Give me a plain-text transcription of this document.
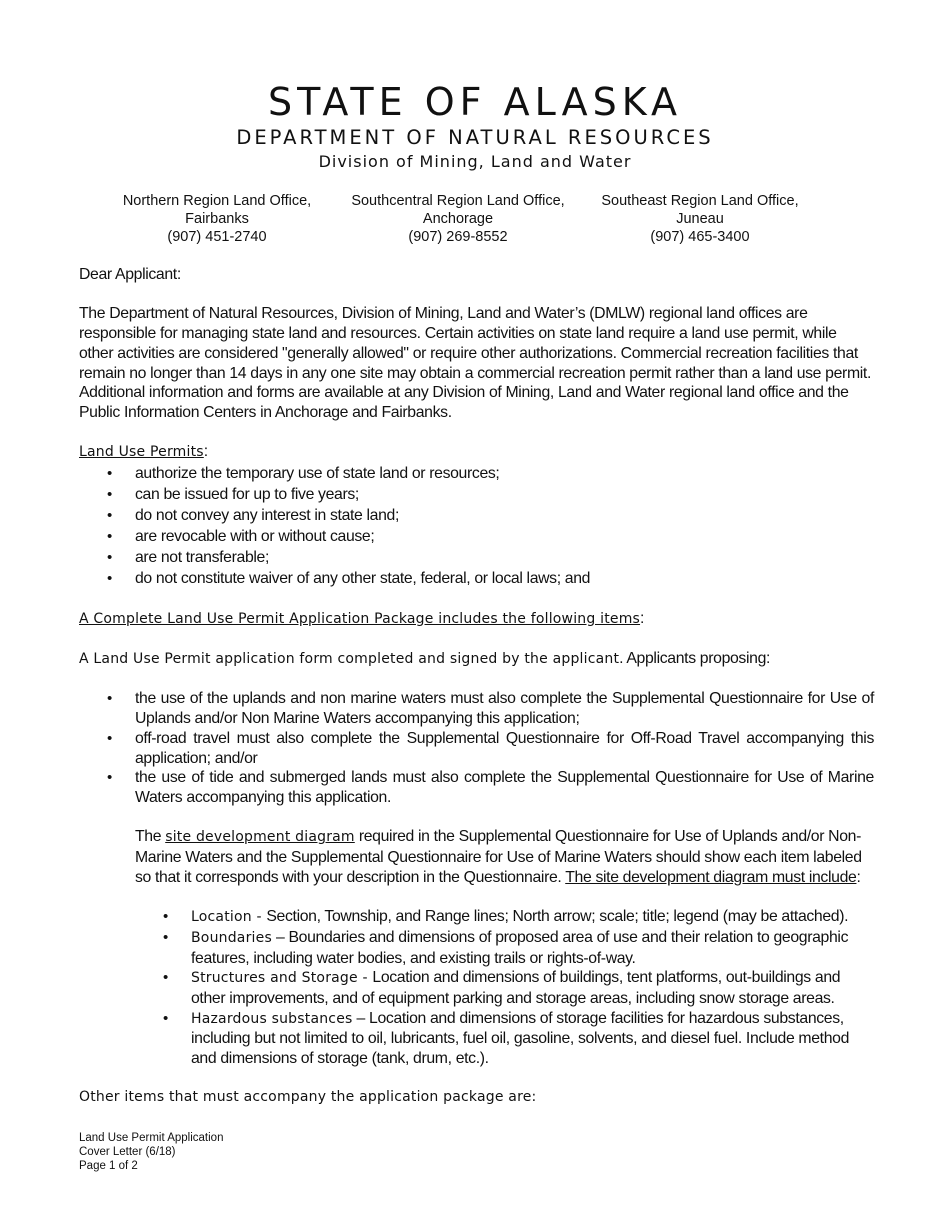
STATE OF ALASKA
DEPARTMENT OF NATURAL RESOURCES
Division of Mining, Land and Water
Northern Region Land Office,
Fairbanks
(907) 451-2740
Southcentral Region Land Office,
Anchorage
(907) 269-8552
Southeast Region Land Office,
Juneau
(907) 465-3400

Dear Applicant:

The Department of Natural Resources, Division of Mining, Land and Water’s (DMLW) regional land offices are responsible for managing state land and resources. Certain activities on state land require a land use permit, while other activities are considered "generally allowed" or require other authorizations. Commercial recreation facilities that remain no longer than 14 days in any one site may obtain a commercial recreation permit rather than a land use permit. Additional information and forms are available at any Division of Mining, Land and Water regional land office and the Public Information Centers in Anchorage and Fairbanks.

Land Use Permits:

• authorize the temporary use of state land or resources;
• can be issued for up to five years;
• do not convey any interest in state land;
• are revocable with or without cause;
• are not transferable;
• do not constitute waiver of any other state, federal, or local laws; and

A Complete Land Use Permit Application Package includes the following items:

A Land Use Permit application form completed and signed by the applicant. Applicants proposing:

• the use of the uplands and non marine waters must also complete the Supplemental Questionnaire for Use of Uplands and/or Non Marine Waters accompanying this application;
• off-road travel must also complete the Supplemental Questionnaire for Off-Road Travel accompanying this application; and/or
• the use of tide and submerged lands must also complete the Supplemental Questionnaire for Use of Marine Waters accompanying this application.

The site development diagram required in the Supplemental Questionnaire for Use of Uplands and/or Non-Marine Waters and the Supplemental Questionnaire for Use of Marine Waters should show each item labeled so that it corresponds with your description in the Questionnaire. The site development diagram must include:

• Location - Section, Township, and Range lines; North arrow; scale; title; legend (may be attached).
• Boundaries – Boundaries and dimensions of proposed area of use and their relation to geographic features, including water bodies, and existing trails or rights-of-way.
• Structures and Storage - Location and dimensions of buildings, tent platforms, out-buildings and other improvements, and of equipment parking and storage areas, including snow storage areas.
• Hazardous substances – Location and dimensions of storage facilities for hazardous substances, including but not limited to oil, lubricants, fuel oil, gasoline, solvents, and diesel fuel. Include method and dimensions of storage (tank, drum, etc.).

Other items that must accompany the application package are:

Land Use Permit Application
Cover Letter (6/18)
Page 1 of 2
